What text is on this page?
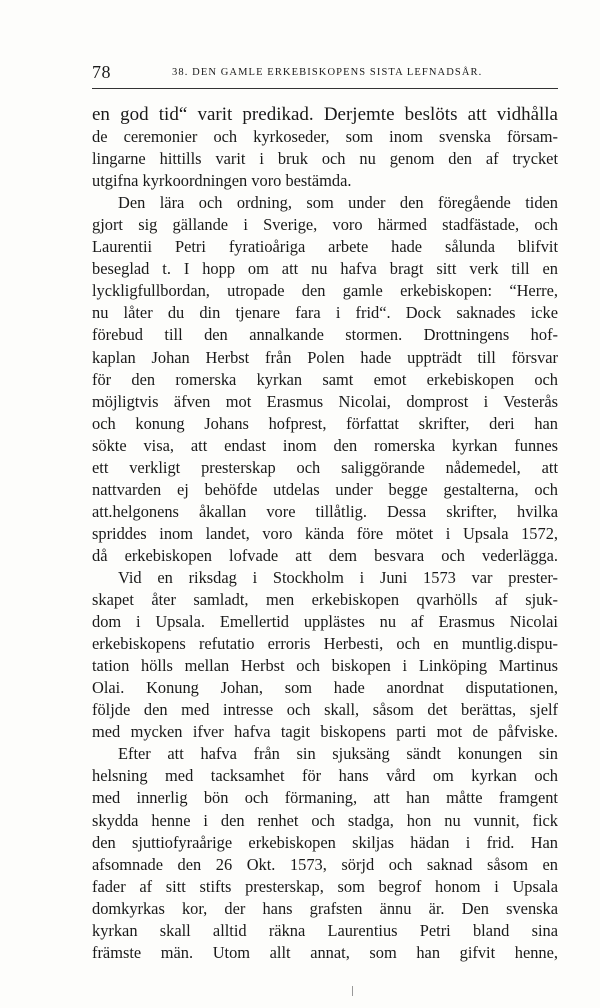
78	38. DEN GAMLE ERKEBISKOPENS SISTA LEFNADSÅR.
en god tid“ varit predikad. Derjemte beslöts att vidhålla
de ceremonier och kyrkoseder, som inom svenska försam-
lingarne hittills varit i bruk och nu genom den af trycket
utgifna kyrkoordningen voro bestämda.
Den lära och ordning, som under den föregående tiden
gjort sig gällande i Sverige, voro härmed stadfästade, och
Laurentii Petri fyratioåriga arbete hade sålunda blifvit
beseglad t. I hopp om att nu hafva bragt sitt verk till en
lyckligfullbordan, utropade den gamle erkebiskopen: “Herre,
nu låter du din tjenare fara i frid“. Dock saknades icke
förebud till den annalkande stormen. Drottningens hof-
kaplan Johan Herbst från Polen hade uppträdt till försvar
för den romerska kyrkan samt emot erkebiskopen och
möjligtvis äfven mot Erasmus Nicolai, domprost i Vesterås
och konung Johans hofprest, författat skrifter, deri han
sökte visa, att endast inom den romerska kyrkan funnes
ett verkligt presterskap och saliggörande nådemedel, att
nattvarden ej behöfde utdelas under begge gestalterna, och
att.helgonens åkallan vore tillåtlig. Dessa skrifter, hvilka
spriddes inom landet, voro kända före mötet i Upsala 1572,
då erkebiskopen lofvade att dem besvara och vederlägga.
Vid en riksdag i Stockholm i Juni 1573 var prester-
skapet åter samladt, men erkebiskopen qvarhölls af sjuk-
dom i Upsala. Emellertid upplästes nu af Erasmus Nicolai
erkebiskopens refutatio erroris Herbesti, och en muntlig.dispu-
tation hölls mellan Herbst och biskopen i Linköping Martinus
Olai. Konung Johan, som hade anordnat disputationen,
följde den med intresse och skall, såsom det berättas, sjelf
med mycken ifver hafva tagit biskopens parti mot de påfviske.
Efter att hafva från sin sjuksäng sändt konungen sin
helsning med tacksamhet för hans vård om kyrkan och
med innerlig bön och förmaning, att han måtte framgent
skydda henne i den renhet och stadga, hon nu vunnit, fick
den sjuttiofyraårige erkebiskopen skiljas hädan i frid. Han
afsomnade den 26 Okt. 1573, sörjd och saknad såsom en
fader af sitt stifts presterskap, som begrof honom i Upsala
domkyrkas kor, der hans grafsten ännu är. Den svenska
kyrkan skall alltid räkna Laurentius Petri bland sina
främste män. Utom allt annat, som han gifvit henne,
